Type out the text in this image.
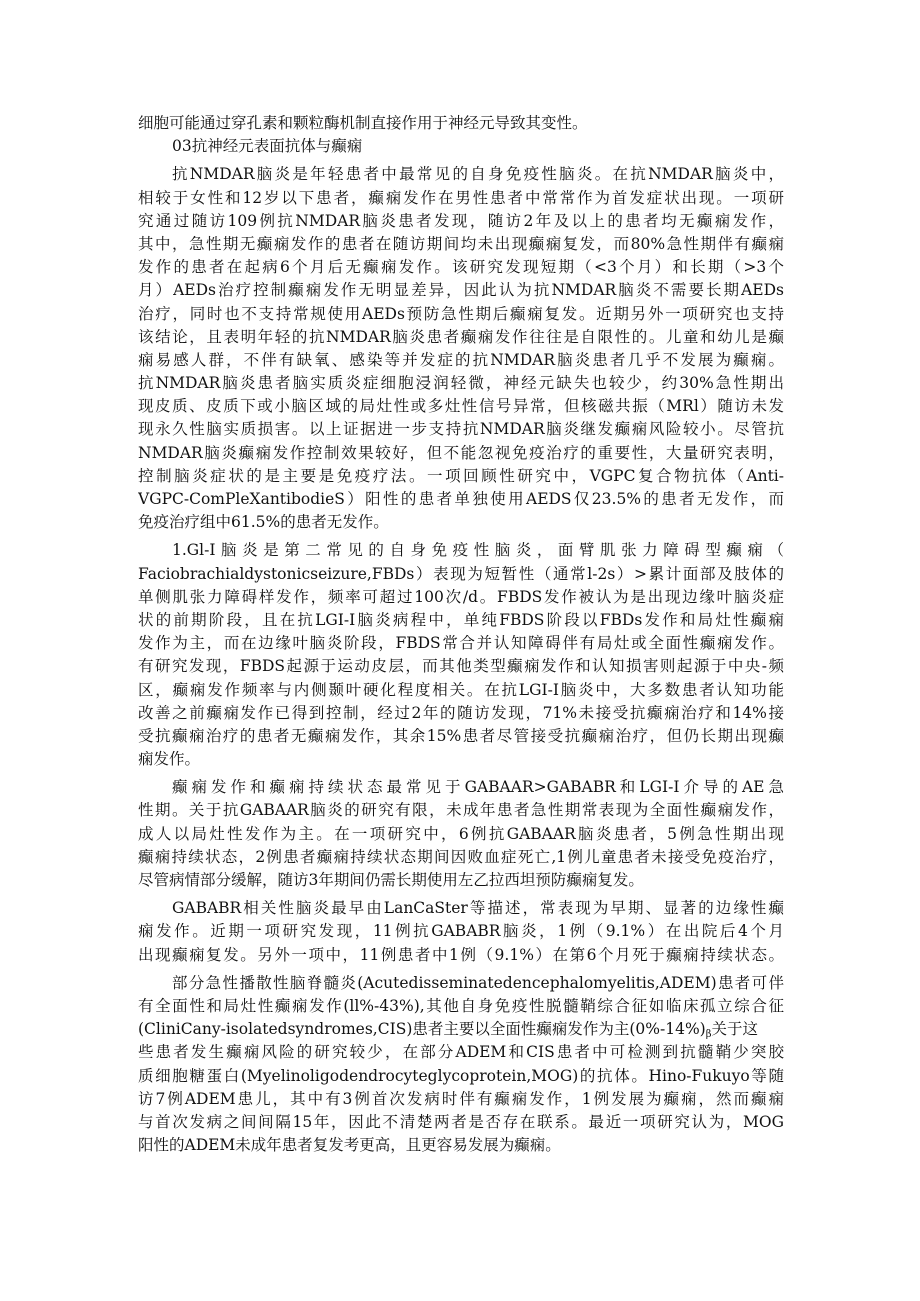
细胞可能通过穿孔素和颗粒酶机制直接作用于神经元导致其变性。
03抗神经元表面抗体与癫痫
抗NMDAR脑炎是年轻患者中最常见的自身免疫性脑炎。在抗NMDAR脑炎中，
相较于女性和12岁以下患者，癫痫发作在男性患者中常常作为首发症状出现。一项研
究通过随访109例抗NMDAR脑炎患者发现，随访2年及以上的患者均无癫痫发作，
其中，急性期无癫痫发作的患者在随访期间均未出现癫痫复发，而80%急性期伴有癫痫
发作的患者在起病6个月后无癫痫发作。该研究发现短期（<3个月）和长期（>3个
月）AEDs治疗控制癫痫发作无明显差异，因此认为抗NMDAR脑炎不需要长期AEDs
治疗，同时也不支持常规使用AEDs预防急性期后癫痫复发。近期另外一项研究也支持
该结论，且表明年轻的抗NMDAR脑炎患者癫痫发作往往是自限性的。儿童和幼儿是癫
痫易感人群，不伴有缺氧、感染等并发症的抗NMDAR脑炎患者几乎不发展为癫痫。
抗NMDAR脑炎患者脑实质炎症细胞浸润轻微，神经元缺失也较少，约30%急性期出
现皮质、皮质下或小脑区域的局灶性或多灶性信号异常，但核磁共振（MRl）随访未发
现永久性脑实质损害。以上证据进一步支持抗NMDAR脑炎继发癫痫风险较小。尽管抗
NMDAR脑炎癫痫发作控制效果较好，但不能忽视免疫治疗的重要性，大量研究表明，
控制脑炎症状的是主要是免疫疗法。一项回顾性研究中，VGPC复合物抗体（Anti-
VGPC-ComPleXantibodieS）阳性的患者单独使用AEDS仅23.5%的患者无发作，而
免疫治疗组中61.5%的患者无发作。
1.Gl-I脑炎是第二常见的自身免疫性脑炎，面臂肌张力障碍型癫痫（
Faciobrachialdystonicseizure,FBDs）表现为短暂性（通常l-2s）>累计面部及肢体的
单侧肌张力障碍样发作，频率可超过100次/d。FBDS发作被认为是出现边缘叶脑炎症
状的前期阶段，且在抗LGI-I脑炎病程中，单纯FBDS阶段以FBDs发作和局灶性癫痫
发作为主，而在边缘叶脑炎阶段，FBDS常合并认知障碍伴有局灶或全面性癫痫发作。
有研究发现，FBDS起源于运动皮层，而其他类型癫痫发作和认知损害则起源于中央-频
区，癫痫发作频率与内侧颞叶硬化程度相关。在抗LGI-I脑炎中，大多数患者认知功能
改善之前癫痫发作已得到控制，经过2年的随访发现，71%未接受抗癫痫治疗和14%接
受抗癫痫治疗的患者无癫痫发作，其余15%患者尽管接受抗癫痫治疗，但仍长期出现癫
痫发作。
癫痫发作和癫痫持续状态最常见于GABAAR>GABABR和LGI-I介导的AE急
性期。关于抗GABAAR脑炎的研究有限，未成年患者急性期常表现为全面性癫痫发作，
成人以局灶性发作为主。在一项研究中，6例抗GABAAR脑炎患者，5例急性期出现
癫痫持续状态，2例患者癫痫持续状态期间因败血症死亡,1例儿童患者未接受免疫治疗，
尽管病情部分缓解，随访3年期间仍需长期使用左乙拉西坦预防癫痫复发。
GABABR相关性脑炎最早由LanCaSter等描述，常表现为早期、显著的边缘性癫
痫发作。近期一项研究发现，11例抗GABABR脑炎，1例（9.1%）在出院后4个月
出现癫痫复发。另外一项中，11例患者中1例（9.1%）在第6个月死于癫痫持续状态。
部分急性播散性脑脊髓炎(Acutedisseminatedencephalomyelitis,ADEM)患者可伴
有全面性和局灶性癫痫发作(ll%-43%),其他自身免疫性脱髓鞘综合征如临床孤立综合征
(CliniCany-isolatedsyndromes,CIS)患者主要以全面性癫痫发作为主$(0\%-14\%)_\beta$关于这
些患者发生癫痫风险的研究较少，在部分ADEM和CIS患者中可检测到抗髓鞘少突胶
质细胞糖蛋白(Myelinoligodendrocyteglycoprotein,MOG)的抗体。Hino-Fukuyo等随
访7例ADEM患儿，其中有3例首次发病时伴有癫痫发作，1例发展为癫痫，然而癫痫
与首次发病之间间隔15年，因此不清楚两者是否存在联系。最近一项研究认为，MOG
阳性的ADEM未成年患者复发考更高，且更容易发展为癫痫。
